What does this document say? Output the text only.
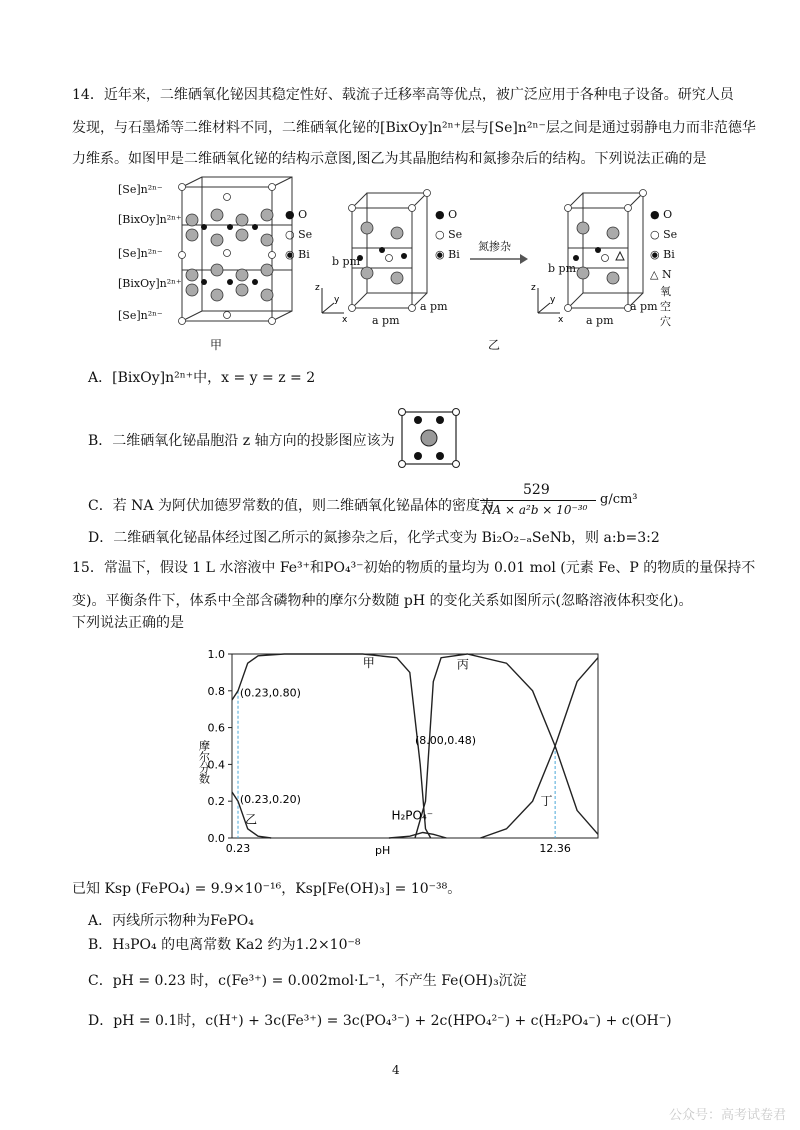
14．近年来，二维硒氧化铋因其稳定性好、载流子迁移率高等优点，被广泛应用于各种电子设备。研究人员
发现，与石墨烯等二维材料不同，二维硒氧化铋的[BixOy]n²ⁿ⁺层与[Se]n²ⁿ⁻层之间是通过弱静电力而非范德华
力维系。如图甲是二维硒氧化铋的结构示意图,图乙为其晶胞结构和氮掺杂后的结构。下列说法正确的是
[Se]n²ⁿ⁻
[BixOy]n²ⁿ⁺
[Se]n²ⁿ⁻
[BixOy]n²ⁿ⁺
[Se]n²ⁿ⁻
甲
● O
○ Se
◉ Bi
z
x
y
b pm
a pm
a pm
● O
○ Se
◉ Bi
氮掺杂
z
x
y
b pm
a pm
a pm
● O
○ Se
◉ Bi
△ N
氧空穴
乙
A．[BixOy]n²ⁿ⁺中，x = y = z = 2
B．二维硒氧化铋晶胞沿 z 轴方向的投影图应该为
C．若 NA 为阿伏加德罗常数的值，则二维硒氧化铋晶体的密度为
529
NA × a²b × 10⁻³⁰
g/cm³
D．二维硒氧化铋晶体经过图乙所示的氮掺杂之后，化学式变为 Bi₂O₂₋ₐSeNb，则 a:b=3:2
15．常温下，假设 1 L 水溶液中 Fe³⁺和PO₄³⁻初始的物质的量均为 0.01 mol (元素 Fe、P 的物质的量保持不
变)。平衡条件下，体系中全部含磷物种的摩尔分数随 pH 的变化关系如图所示(忽略溶液体积变化)。
下列说法正确的是
0.0
0.2
0.4
0.6
0.8
1.0
摩尔分数
0.23	12.36
pH
甲
乙
丙
丁
H₂PO₄⁻
(0.23,0.80)
(0.23,0.20)
(8.00,0.48)
已知 Ksp (FePO₄) = 9.9×10⁻¹⁶，Ksp[Fe(OH)₃] = 10⁻³⁸。
A．丙线所示物种为FePO₄
B．H₃PO₄ 的电离常数 Ka2 约为1.2×10⁻⁸
C．pH = 0.23 时，c(Fe³⁺) = 0.002mol·L⁻¹，不产生 Fe(OH)₃沉淀
D．pH = 0.1时，c(H⁺) + 3c(Fe³⁺) = 3c(PO₄³⁻) + 2c(HPO₄²⁻) + c(H₂PO₄⁻) + c(OH⁻)
4
公众号：高考试卷君
